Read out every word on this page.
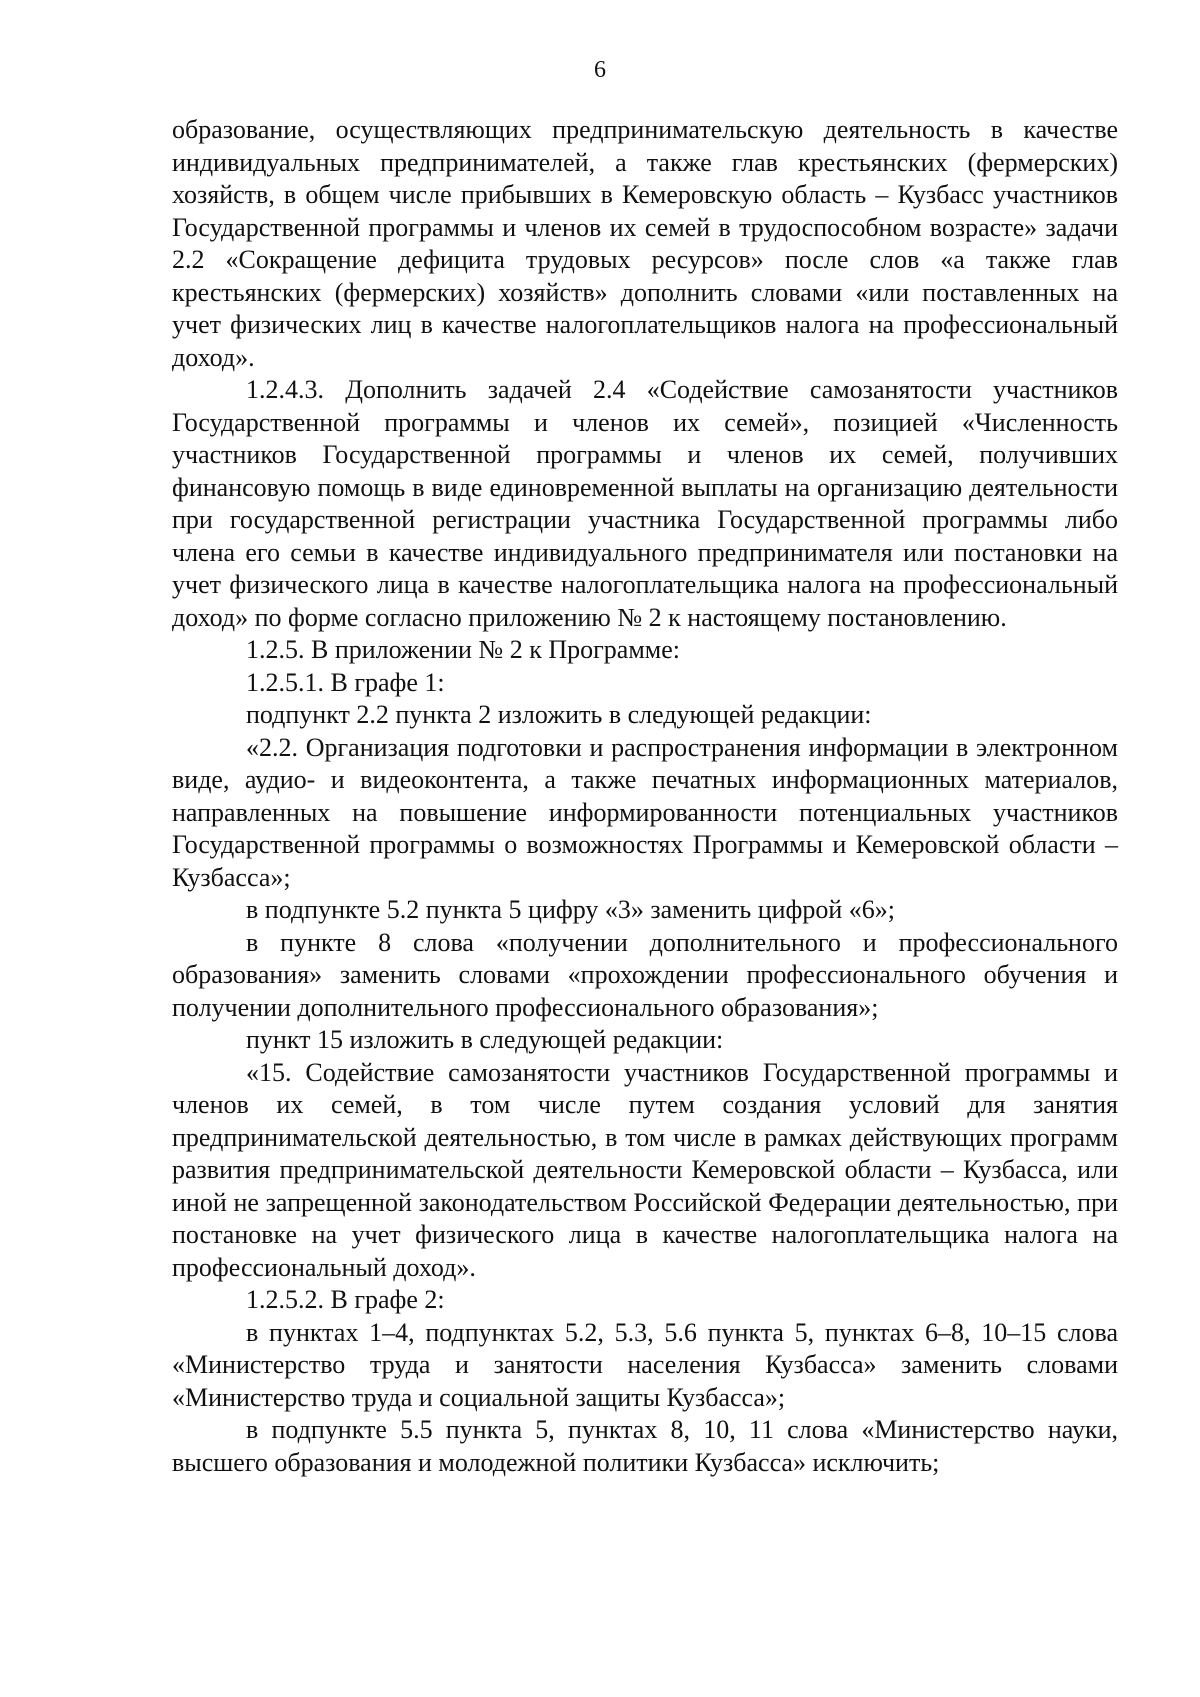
6

образование, осуществляющих предпринимательскую деятельность в качестве индивидуальных предпринимателей, а также глав крестьянских (фермерских) хозяйств, в общем числе прибывших в Кемеровскую область – Кузбасс участников Государственной программы и членов их семей в трудоспособном возрасте» задачи 2.2 «Сокращение дефицита трудовых ресурсов» после слов «а также глав крестьянских (фермерских) хозяйств» дополнить словами «или поставленных на учет физических лиц в качестве налогоплательщиков налога на профессиональный доход».

1.2.4.3. Дополнить задачей 2.4 «Содействие самозанятости участников Государственной программы и членов их семей», позицией «Численность участников Государственной программы и членов их семей, получивших финансовую помощь в виде единовременной выплаты на организацию деятельности при государственной регистрации участника Государственной программы либо члена его семьи в качестве индивидуального предпринимателя или постановки на учет физического лица в качестве налогоплательщика налога на профессиональный доход» по форме согласно приложению № 2 к настоящему постановлению.

1.2.5. В приложении № 2 к Программе:

1.2.5.1. В графе 1:

подпункт 2.2 пункта 2 изложить в следующей редакции:

«2.2. Организация подготовки и распространения информации в электронном виде, аудио- и видеоконтента, а также печатных информационных материалов, направленных на повышение информированности потенциальных участников Государственной программы о возможностях Программы и Кемеровской области – Кузбасса»;

в подпункте 5.2 пункта 5 цифру «3» заменить цифрой «6»;

в пункте 8 слова «получении дополнительного и профессионального образования» заменить словами «прохождении профессионального обучения и получении дополнительного профессионального образования»;

пункт 15 изложить в следующей редакции:

«15. Содействие самозанятости участников Государственной программы и членов их семей, в том числе путем создания условий для занятия предпринимательской деятельностью, в том числе в рамках действующих программ развития предпринимательской деятельности Кемеровской области – Кузбасса, или иной не запрещенной законодательством Российской Федерации деятельностью, при постановке на учет физического лица в качестве налогоплательщика налога на профессиональный доход».

1.2.5.2. В графе 2:

в пунктах 1–4, подпунктах 5.2, 5.3, 5.6 пункта 5, пунктах 6–8, 10–15 слова «Министерство труда и занятости населения Кузбасса» заменить словами «Министерство труда и социальной защиты Кузбасса»;

в подпункте 5.5 пункта 5, пунктах 8, 10, 11 слова «Министерство науки, высшего образования и молодежной политики Кузбасса» исключить;
